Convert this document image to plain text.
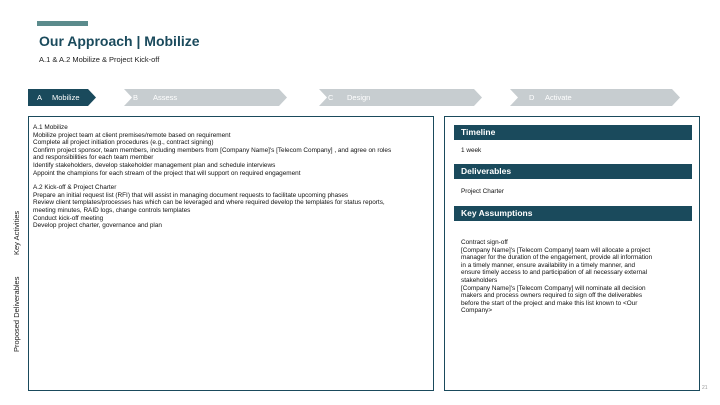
Our Approach | Mobilize
A.1 & A.2 Mobilize & Project Kick-off
A Mobilize	B Assess	C Design	D Activate
Key Activities
Proposed Deliverables

A.1 Mobilize

Mobilize project team at client premises/remote based on requirement

Complete all project initiation procedures (e.g., contract signing)

Confirm project sponsor, team members, including members from [Company Name]'s [Telecom Company] , and agree on roles

and responsibilities for each team member

Identify stakeholders, develop stakeholder management plan and schedule interviews

Appoint the champions for each stream of the project that will support on required engagement

A.2 Kick-off & Project Charter

Prepare an initial request list (RFI) that will assist in managing document requests to facilitate upcoming phases

Review client templates/processes has which can be leveraged and where required develop the templates for status reports,

meeting minutes, RAID logs, change controls templates

Conduct kick-off meeting

Develop project charter, governance and plan

Timeline
1 week
Deliverables
Project Charter
Key Assumptions

Contract sign-off

[Company Name]'s [Telecom Company] team will allocate a project

manager for the duration of the engagement, provide all information

in a timely manner, ensure availability in a timely manner, and

ensure timely access to and participation of all necessary external

stakeholders

[Company Name]'s [Telecom Company] will nominate all decision

makers and process owners required to sign off the deliverables

before the start of the project and make this list known to <Our

Company>

21
